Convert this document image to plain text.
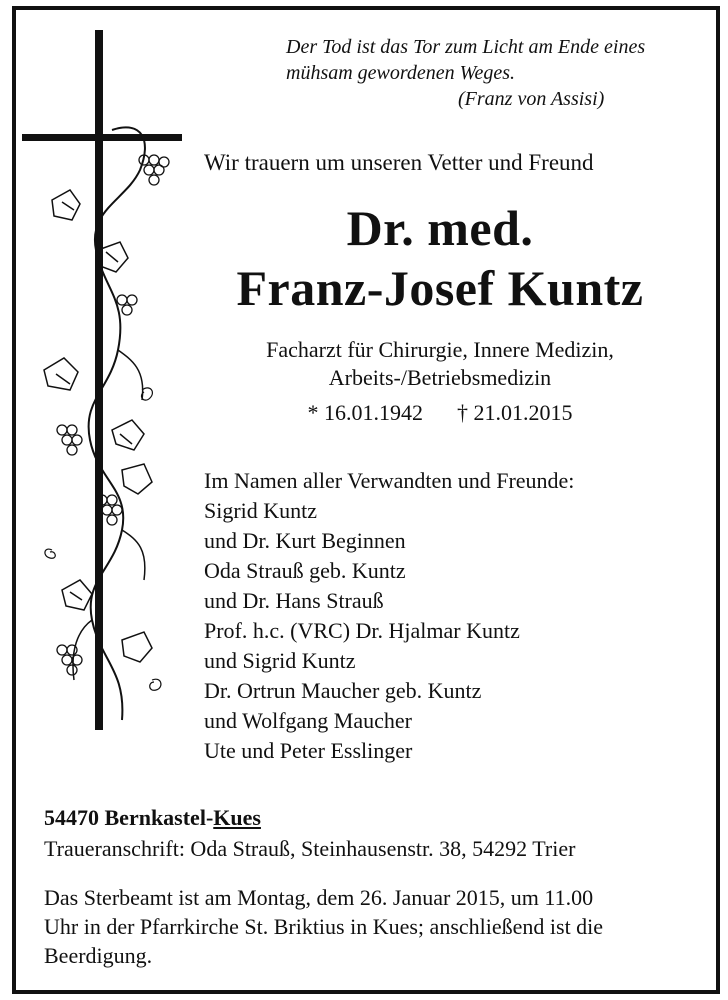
Der Tod ist das Tor zum Licht am Ende eines
mühsam gewordenen Weges.
(Franz von Assisi)
Wir trauern um unseren Vetter und Freund
Dr. med.
Franz-Josef Kuntz
Facharzt für Chirurgie, Innere Medizin,
Arbeits-/Betriebsmedizin
* 16.01.1942 † 21.01.2015
Im Namen aller Verwandten und Freunde:
Sigrid Kuntz
und Dr. Kurt Beginnen
Oda Strauß geb. Kuntz
und Dr. Hans Strauß
Prof. h.c. (VRC) Dr. Hjalmar Kuntz
und Sigrid Kuntz
Dr. Ortrun Maucher geb. Kuntz
und Wolfgang Maucher
Ute und Peter Esslinger
54470 Bernkastel-Kues
Traueranschrift: Oda Strauß, Steinhausenstr. 38, 54292 Trier
Das Sterbeamt ist am Montag, dem 26. Januar 2015, um 11.00
Uhr in der Pfarrkirche St. Briktius in Kues; anschließend ist die
Beerdigung.
